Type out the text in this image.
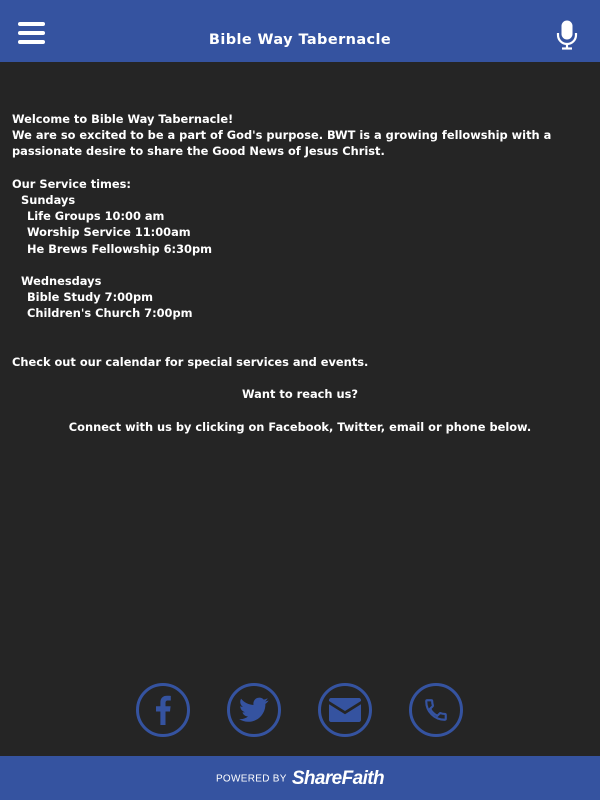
Bible Way Tabernacle

Welcome to Bible Way Tabernacle!

We are so excited to be a part of God's purpose. BWT is a growing fellowship with a passionate desire to share the Good News of Jesus Christ.

Our Service times:

Sundays

Life Groups 10:00 am

Worship Service 11:00am

He Brews Fellowship 6:30pm

Wednesdays

Bible Study 7:00pm

Children's Church 7:00pm

Check out our calendar for special services and events.

Want to reach us?

Connect with us by clicking on Facebook, Twitter, email or phone below.

POWERED BY ShareFaith
